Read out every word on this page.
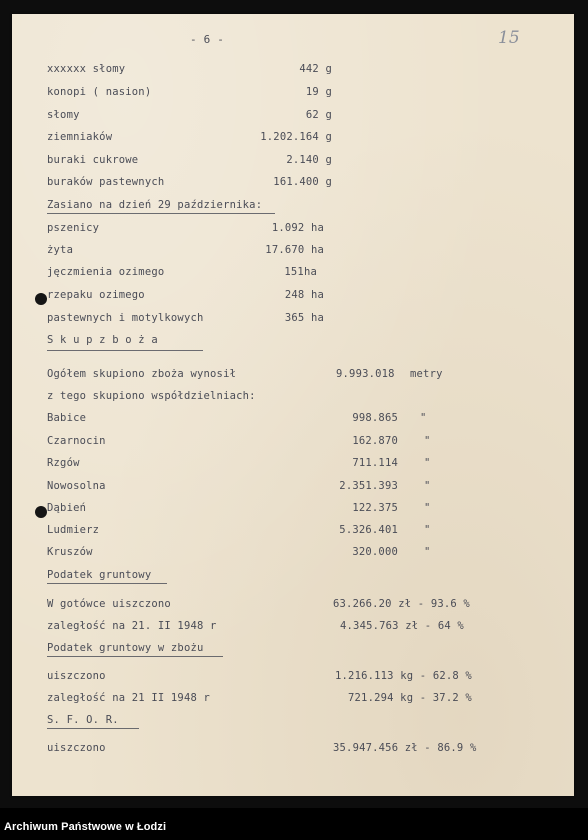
- 6 -	15
xxxxxx słomy	442 g
konopi ( nasion)	19 g
słomy	62 g
ziemniaków	1.202.164 g
buraki cukrowe	2.140 g
buraków pastewnych	161.400 g
Zasiano na dzień 29 października:
pszenicy	1.092 ha
żyta	17.670 ha
jęczmienia ozimego	151ha
rzepaku ozimego	248 ha
pastewnych i motylkowych	365 ha
S k u p z b o ż a
Ogółem skupiono zboża wynosił	9.993.018 metry
z tego skupiono współdzielniach:
Babice	998.865 "
Czarnocin	162.870 "
Rzgów	711.114 "
Nowosolna	2.351.393 "
Dąbień	122.375 "
Ludmierz	5.326.401 "
Kruszów	320.000 "
Podatek gruntowy
W gotówce uiszczono	63.266.20 zł - 93.6 %
zaległość na 21. II 1948 r	4.345.763 zł - 64 %
Podatek gruntowy w zbożu
uiszczono	1.216.113 kg - 62.8 %
zaległość na 21 II 1948 r	721.294 kg - 37.2 %
S. F. O. R.
uiszczono	35.947.456 zł - 86.9 %
Archiwum Państwowe w Łodzi
